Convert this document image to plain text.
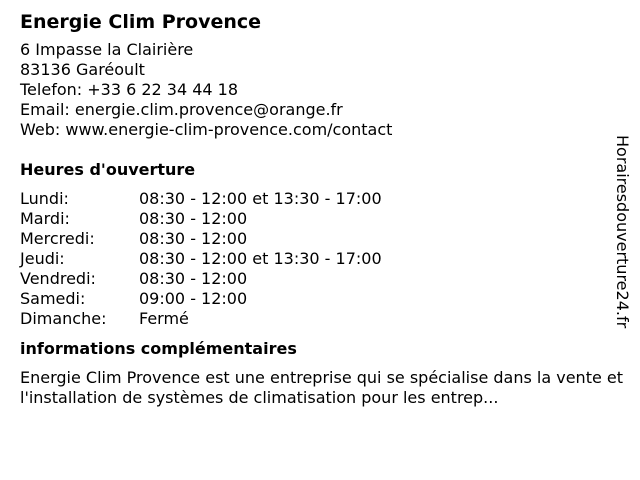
Energie Clim Provence
6 Impasse la Clairière
83136 Garéoult
Telefon: +33 6 22 34 44 18
Email: energie.clim.provence@orange.fr
Web: www.energie-clim-provence.com/contact
Heures d'ouverture
Lundi:	08:30 - 12:00 et 13:30 - 17:00
Mardi:	08:30 - 12:00
Mercredi:	08:30 - 12:00
Jeudi:	08:30 - 12:00 et 13:30 - 17:00
Vendredi:	08:30 - 12:00
Samedi:	09:00 - 12:00
Dimanche:	Fermé
informations complémentaires
Energie Clim Provence est une entreprise qui se spécialise dans la vente et l'installation de systèmes de climatisation pour les entrep...
Horairesdouverture24.fr
